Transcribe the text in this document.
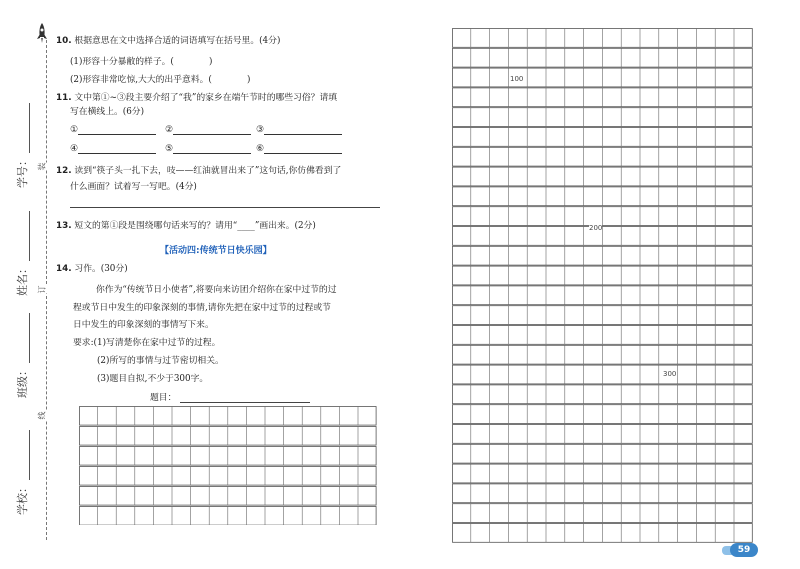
学号：
姓名：
班级：
学校：
装
订
线
10. 根据意思在文中选择合适的词语填写在括号里。(4分)
(1)形容十分暴敝的样子。(　　　　)
(2)形容非常吃惊,大大的出乎意料。(　　　　)
11. 文中第①~③段主要介绍了“我”的家乡在端午节时的哪些习俗？请填
写在横线上。(6分)
①	②	③
④	⑤	⑥
12. 读到“筷子头一扎下去，吱——红油就冒出来了”这句话,你仿佛看到了
什么画面？试着写一写吧。(4分)
13. 短文的第①段是围绕哪句话来写的？请用“____”画出来。(2分)
【活动四:传统节日快乐园】
14. 习作。(30分)
你作为“传统节日小使者”,将要向来访团介绍你在家中过节的过
程或节日中发生的印象深刻的事情,请你先把在家中过节的过程或节
日中发生的印象深刻的事情写下来。
要求:(1)写清楚你在家中过节的过程。
(2)所写的事情与过节密切相关。
(3)题目自拟,不少于300字。
题目：
100
200
300
59
